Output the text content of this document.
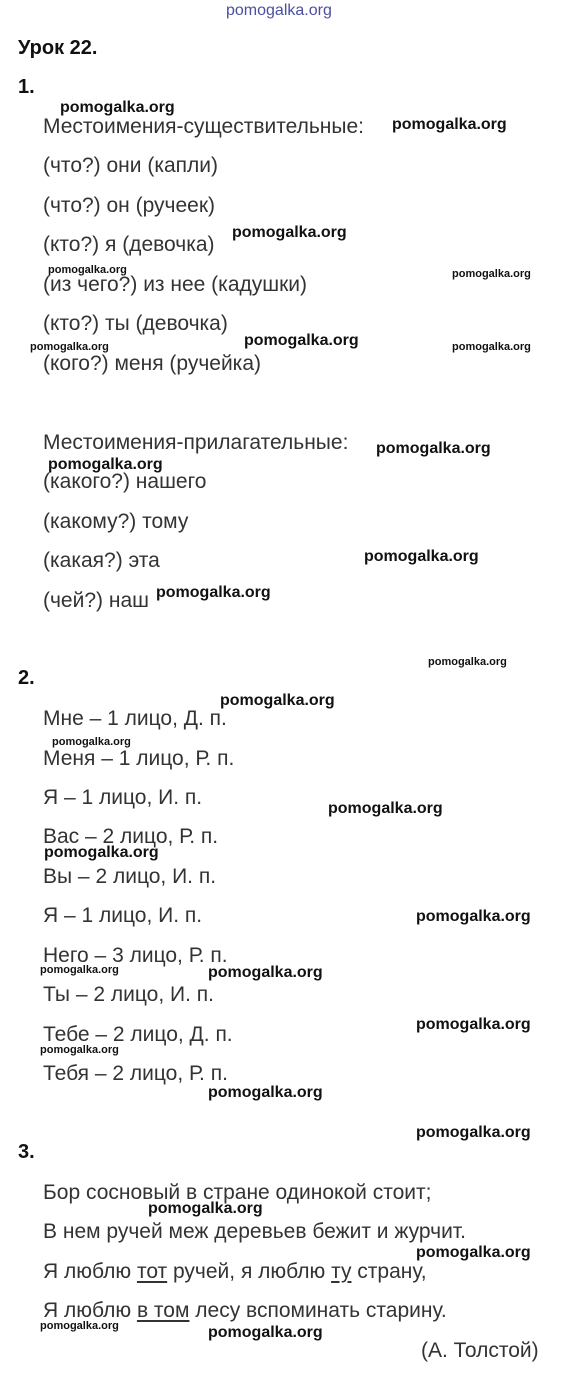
pomogalka.org
Урок 22.
1.
Местоимения-существительные:
(что?) они (капли)
(что?) он (ручеек)
(кто?) я (девочка)
(из чего?) из нее (кадушки)
(кто?) ты (девочка)
(кого?) меня (ручейка)
Местоимения-прилагательные:
(какого?) нашего
(какому?) тому
(какая?) эта
(чей?) наш
2.
Мне – 1 лицо, Д. п.
Меня – 1 лицо, Р. п.
Я – 1 лицо, И. п.
Вас – 2 лицо, Р. п.
Вы – 2 лицо, И. п.
Я – 1 лицо, И. п.
Него – 3 лицо, Р. п.
Ты – 2 лицо, И. п.
Тебе – 2 лицо, Д. п.
Тебя – 2 лицо, Р. п.
3.
Бор сосновый в стране одинокой стоит;
В нем ручей меж деревьев бежит и журчит.
Я люблю тот ручей, я люблю ту страну,
Я люблю в том лесу вспоминать старину.
(А. Толстой)
pomogalka.org
pomogalka.org
pomogalka.org
pomogalka.org	pomogalka.org
pomogalka.org
pomogalka.org	pomogalka.org
pomogalka.org
pomogalka.org
pomogalka.org
pomogalka.org
pomogalka.org
pomogalka.org
pomogalka.org
pomogalka.org
pomogalka.org
pomogalka.org
pomogalka.org	pomogalka.org
pomogalka.org
pomogalka.org
pomogalka.org
pomogalka.org
pomogalka.org
pomogalka.org
pomogalka.org	pomogalka.org
